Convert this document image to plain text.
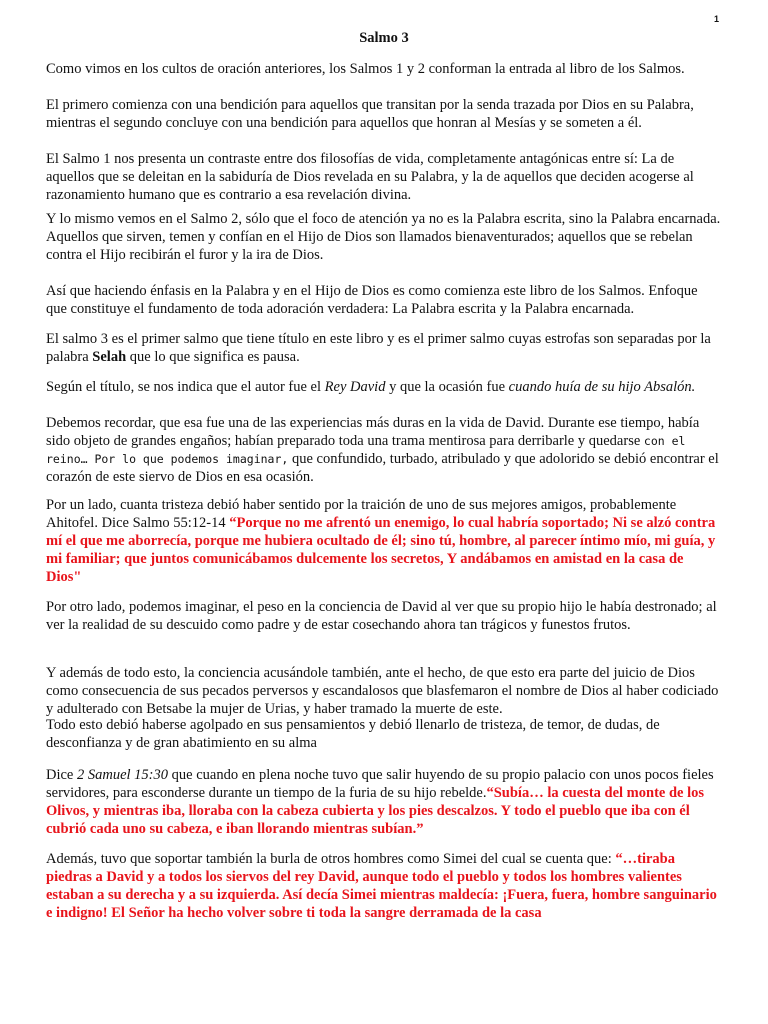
1
Salmo 3
Como vimos en los cultos de oración anteriores, los Salmos 1 y 2 conforman la entrada al libro de los Salmos.
El primero comienza con una bendición para aquellos que transitan por la senda trazada por Dios en su Palabra, mientras el segundo concluye con una bendición para aquellos que honran al Mesías y se someten a él.
El Salmo 1 nos presenta un contraste entre dos filosofías de vida, completamente antagónicas entre sí: La de aquellos que se deleitan en la sabiduría de Dios revelada en su Palabra, y la de aquellos que deciden acogerse al razonamiento humano que es contrario a esa revelación divina.
Y lo mismo vemos en el Salmo 2, sólo que el foco de atención ya no es la Palabra escrita, sino la Palabra encarnada. Aquellos que sirven, temen y confían en el Hijo de Dios son llamados bienaventurados; aquellos que se rebelan contra el Hijo recibirán el furor y la ira de Dios.
Así que haciendo énfasis en la Palabra y en el Hijo de Dios es como comienza este libro de los Salmos. Enfoque que constituye el fundamento de toda adoración verdadera: La Palabra escrita y la Palabra encarnada.
El salmo 3 es el primer salmo que tiene título en este libro y es el primer salmo cuyas estrofas son separadas por la palabra Selah que lo que significa es pausa.
Según el título, se nos indica que el autor fue el Rey David y que la ocasión fue cuando huía de su hijo Absalón.
Debemos recordar, que esa fue una de las experiencias más duras en la vida de David. Durante ese tiempo, había sido objeto de grandes engaños; habían preparado toda una trama mentirosa para derribarle y quedarse con el reino… Por lo que podemos imaginar, que confundido, turbado, atribulado y que adolorido se debió encontrar el corazón de este siervo de Dios en esa ocasión.
Por un lado, cuanta tristeza debió haber sentido por la traición de uno de sus mejores amigos, probablemente Ahitofel. Dice Salmo 55:12-14 “Porque no me afrentó un enemigo, lo cual habría soportado; Ni se alzó contra mí el que me aborrecía, porque me hubiera ocultado de él; sino tú, hombre, al parecer íntimo mío, mi guía, y mi familiar; que juntos comunicábamos dulcemente los secretos, Y andábamos en amistad en la casa de Dios"
Por otro lado, podemos imaginar, el peso en la conciencia de David al ver que su propio hijo le había destronado; al ver la realidad de su descuido como padre y de estar cosechando ahora tan trágicos y funestos frutos.
Y además de todo esto, la conciencia acusándole también, ante el hecho, de que esto era parte del juicio de Dios como consecuencia de sus pecados perversos y escandalosos que blasfemaron el nombre de Dios al haber codiciado y adulterado con Betsabe la mujer de Urias, y haber tramado la muerte de este.
Todo esto debió haberse agolpado en sus pensamientos y debió llenarlo de tristeza, de temor, de dudas, de desconfianza y de gran abatimiento en su alma
Dice 2 Samuel 15:30 que cuando en plena noche tuvo que salir huyendo de su propio palacio con unos pocos fieles servidores, para esconderse durante un tiempo de la furia de su hijo rebelde.“Subía… la cuesta del monte de los Olivos, y mientras iba, lloraba con la cabeza cubierta y los pies descalzos. Y todo el pueblo que iba con él cubrió cada uno su cabeza, e iban llorando mientras subían.”
Además, tuvo que soportar también la burla de otros hombres como Simei del cual se cuenta que: “…tiraba piedras a David y a todos los siervos del rey David, aunque todo el pueblo y todos los hombres valientes estaban a su derecha y a su izquierda. Así decía Simei mientras maldecía: ¡Fuera, fuera, hombre sanguinario e indigno! El Señor ha hecho volver sobre ti toda la sangre derramada de la casa
